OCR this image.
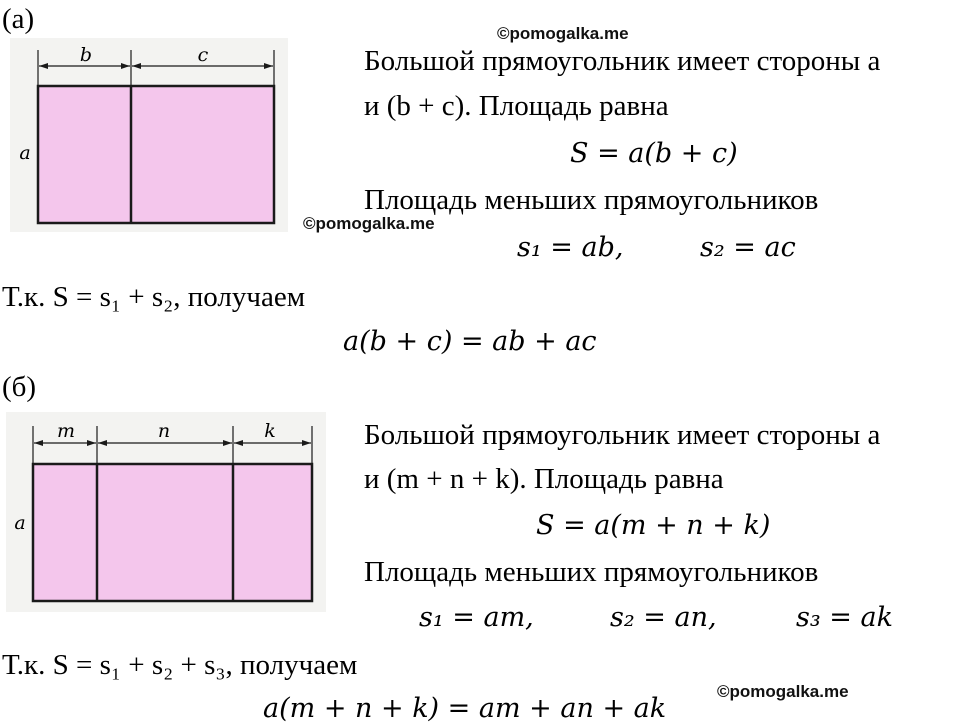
(а)	©pomogalka.me
b	c
a
Большой прямоугольник имеет стороны a
и (b + c). Площадь равна
S = a(b + c)
Площадь меньших прямоугольников
©pomogalka.me
s₁ = ab,	s₂ = ac
Т.к. S = s₁ + s₂, получаем
a(b + c) = ab + ac
(б)
m	n	k
a
Большой прямоугольник имеет стороны a
и (m + n + k). Площадь равна
S = a(m + n + k)
Площадь меньших прямоугольников
s₁ = am,	s₂ = an,	s₃ = ak
Т.к. S = s₁ + s₂ + s₃, получаем
©pomogalka.me
a(m + n + k) = am + an + ak
